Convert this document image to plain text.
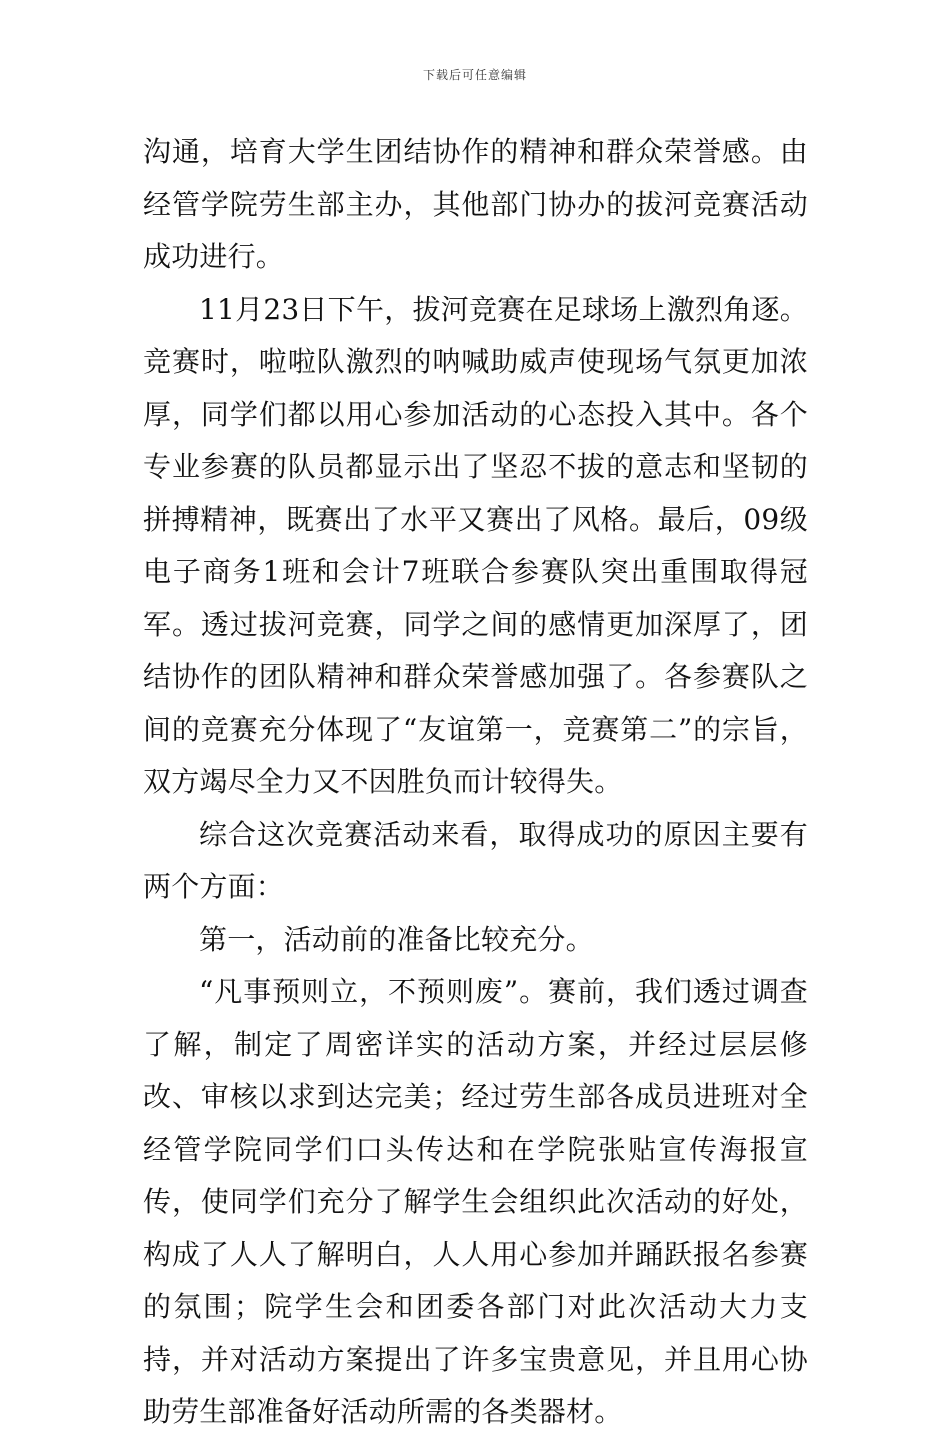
下载后可任意编辑

沟通，培育大学生团结协作的精神和群众荣誉感。由经管学院劳生部主办，其他部门协办的拔河竞赛活动成功进行。

11月23日下午，拔河竞赛在足球场上激烈角逐。竞赛时，啦啦队激烈的呐喊助威声使现场气氛更加浓厚，同学们都以用心参加活动的心态投入其中。各个专业参赛的队员都显示出了坚忍不拔的意志和坚韧的拼搏精神，既赛出了水平又赛出了风格。最后，09级电子商务1班和会计7班联合参赛队突出重围取得冠军。透过拔河竞赛，同学之间的感情更加深厚了，团结协作的团队精神和群众荣誉感加强了。各参赛队之间的竞赛充分体现了“友谊第一，竞赛第二”的宗旨，双方竭尽全力又不因胜负而计较得失。

综合这次竞赛活动来看，取得成功的原因主要有两个方面：

第一，活动前的准备比较充分。

“凡事预则立，不预则废”。赛前，我们透过调查了解，制定了周密详实的活动方案，并经过层层修改、审核以求到达完美；经过劳生部各成员进班对全经管学院同学们口头传达和在学院张贴宣传海报宣传，使同学们充分了解学生会组织此次活动的好处，构成了人人了解明白，人人用心参加并踊跃报名参赛的氛围；院学生会和团委各部门对此次活动大力支持，并对活动方案提出了许多宝贵意见，并且用心协助劳生部准备好活动所需的各类器材。
